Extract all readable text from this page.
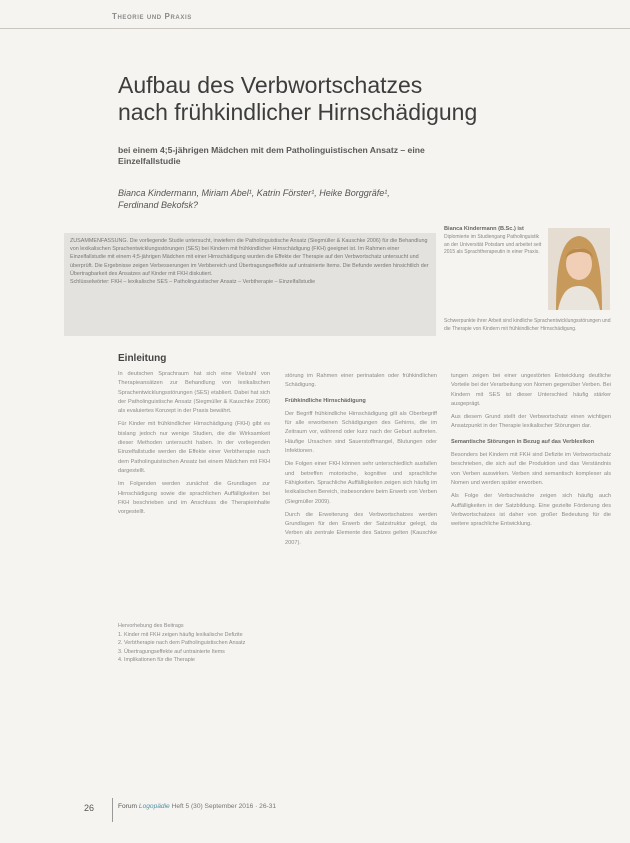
Theorie und Praxis
Aufbau des Verbwortschatzes
nach frühkindlicher Hirnschädigung
bei einem 4;5-jährigen Mädchen mit dem Patholinguistischen Ansatz – eine Einzelfallstudie
Bianca Kindermann, Miriam Abel¹, Katrin Förster¹, Heike Borggräfe¹, Ferdinand Bekofsk?

ZUSAMMENFASSUNG. Die vorliegende Studie untersucht, inwiefern die Patholinguistische Ansatz (Siegmüller & Kauschke 2006) für die Behandlung von lexikalischen Sprachentwicklungsstörungen (SES) bei Kindern mit frühkindlicher Hirnschädigung (FKH) geeignet ist. Im Rahmen einer Einzelfallstudie mit einem 4;5-jährigen Mädchen mit einer Hirnschädigung wurden die Effekte der Therapie auf den Verbwortschatz untersucht und überprüft. Die Ergebnisse zeigen Verbesserungen im Verbbereich und Übertragungseffekte auf untrainierte Items. Die Befunde werden hinsichtlich der Übertragbarkeit des Ansatzes auf Kinder mit FKH diskutiert.

Schlüsselwörter: FKH – lexikalische SES – Patholinguistischer Ansatz – Verbtherapie – Einzelfallstudie

Bianca Kindermann (B.Sc.) ist
Diplomierte im Studiengang Patholinguistik an der Universität Potsdam und arbeitet seit 2015 als Sprachtherapeutin in einer Praxis.
Schwerpunkte ihrer Arbeit sind kindliche Sprachentwicklungsstörungen und die Therapie von Kindern mit frühkindlicher Hirnschädigung.
Einleitung

In deutschen Sprachraum hat sich eine Vielzahl von Therapieansätzen zur Behandlung von lexikalischen Sprachentwicklungsstörungen (SES) etabliert. Dabei hat sich der Patholinguistische Ansatz (Siegmüller & Kauschke 2006) als evaluiertes Konzept in der Praxis bewährt.

Für Kinder mit frühkindlicher Hirnschädigung (FKH) gibt es bislang jedoch nur wenige Studien, die die Wirksamkeit dieser Methoden untersucht haben. In der vorliegenden Einzelfallstudie werden die Effekte einer Verbtherapie nach dem Patholinguistischen Ansatz bei einem Mädchen mit FKH dargestellt.

Im Folgenden werden zunächst die Grundlagen zur Hirnschädigung sowie die sprachlichen Auffälligkeiten bei FKH beschrieben und im Anschluss die Therapieinhalte vorgestellt.

Hervorhebung des Beitrags
1. Kinder mit FKH zeigen häufig lexikalische Defizite
2. Verbtherapie nach dem Patholinguistischen Ansatz
3. Übertragungseffekte auf untrainierte Items
4. Implikationen für die Therapie

störung im Rahmen einer perinatalen oder frühkindlichen Schädigung.

Frühkindliche Hirnschädigung

Der Begriff frühkindliche Hirnschädigung gilt als Oberbegriff für alle erworbenen Schädigungen des Gehirns, die im Zeitraum vor, während oder kurz nach der Geburt auftreten. Häufige Ursachen sind Sauerstoffmangel, Blutungen oder Infektionen.

Die Folgen einer FKH können sehr unterschiedlich ausfallen und betreffen motorische, kognitive und sprachliche Fähigkeiten. Sprachliche Auffälligkeiten zeigen sich häufig im lexikalischen Bereich, insbesondere beim Erwerb von Verben (Siegmüller 2009).

Durch die Erweiterung des Verbwortschatzes werden Grundlagen für den Erwerb der Satzstruktur gelegt, da Verben als zentrale Elemente des Satzes gelten (Kauschke 2007).

tungen zeigen bei einer ungestörten Entwicklung deutliche Vorteile bei der Verarbeitung von Nomen gegenüber Verben. Bei Kindern mit SES ist dieser Unterschied häufig stärker ausgeprägt.

Aus diesem Grund stellt der Verbwortschatz einen wichtigen Ansatzpunkt in der Therapie lexikalischer Störungen dar.

Semantische Störungen in Bezug auf das Verblexikon

Besonders bei Kindern mit FKH sind Defizite im Verbwortschatz beschrieben, die sich auf die Produktion und das Verständnis von Verben auswirken. Verben sind semantisch komplexer als Nomen und werden später erworben.

Als Folge der Verbschwäche zeigen sich häufig auch Auffälligkeiten in der Satzbildung. Eine gezielte Förderung des Verbwortschatzes ist daher von großer Bedeutung für die weitere sprachliche Entwicklung.

26	Forum Logopädie Heft 5 (30) September 2016 · 26-31
